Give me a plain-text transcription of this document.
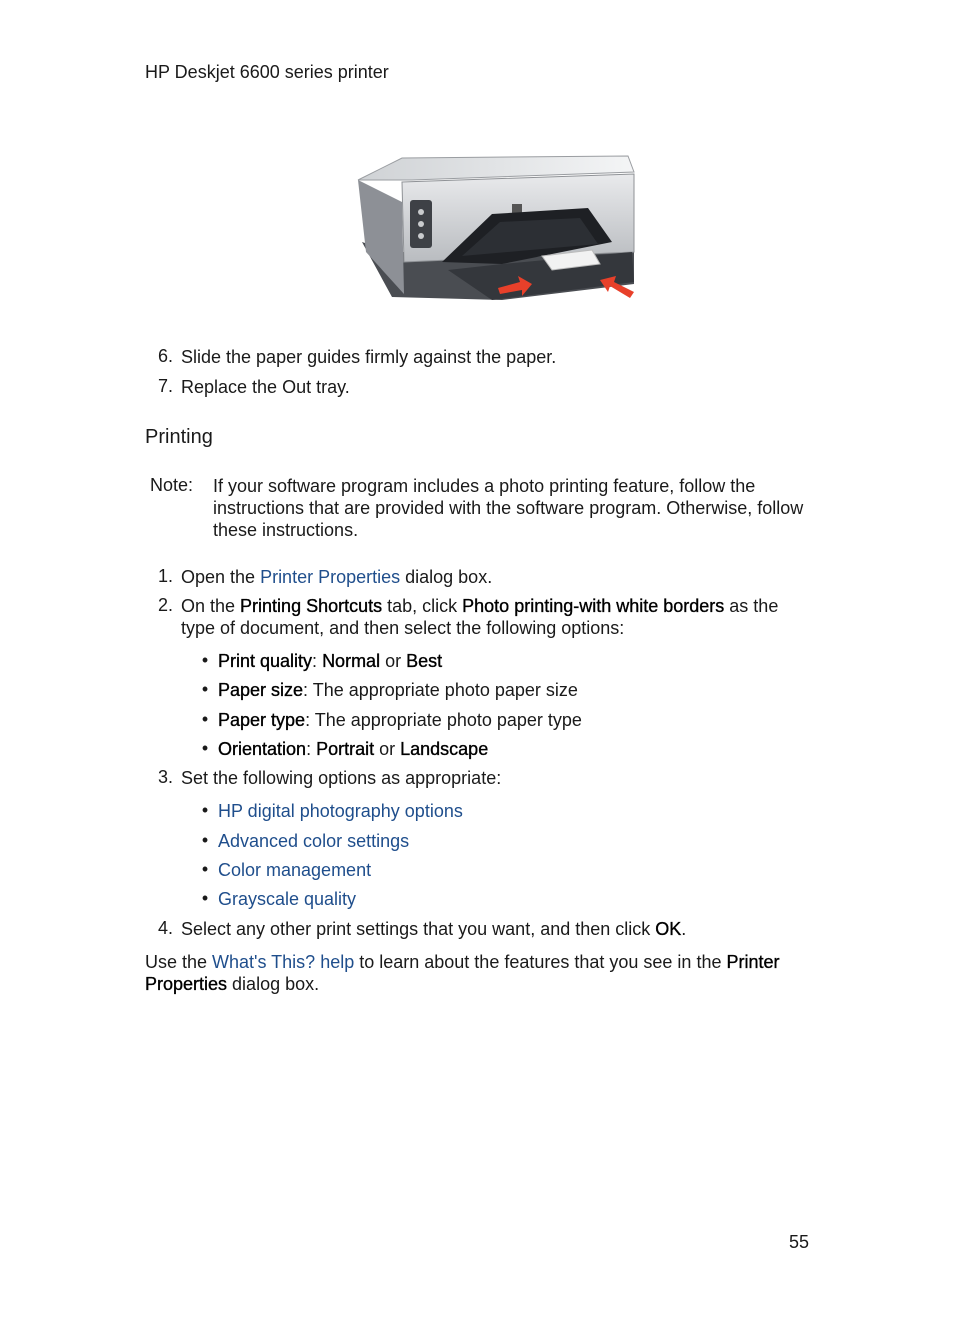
HP Deskjet 6600 series printer
6. Slide the paper guides firmly against the paper.
7. Replace the Out tray.
Printing
Note: If your software program includes a photo printing feature, follow the instructions that are provided with the software program. Otherwise, follow these instructions.
1. Open the Printer Properties dialog box.
2. On the Printing Shortcuts tab, click Photo printing-with white borders as the
type of document, and then select the following options:
• Print quality: Normal or Best
• Paper size: The appropriate photo paper size
• Paper type: The appropriate photo paper type
• Orientation: Portrait or Landscape
3. Set the following options as appropriate:
• HP digital photography options
• Advanced color settings
• Color management
• Grayscale quality
4. Select any other print settings that you want, and then click OK.
Use the What's This? help to learn about the features that you see in the Printer
Properties dialog box.
55
